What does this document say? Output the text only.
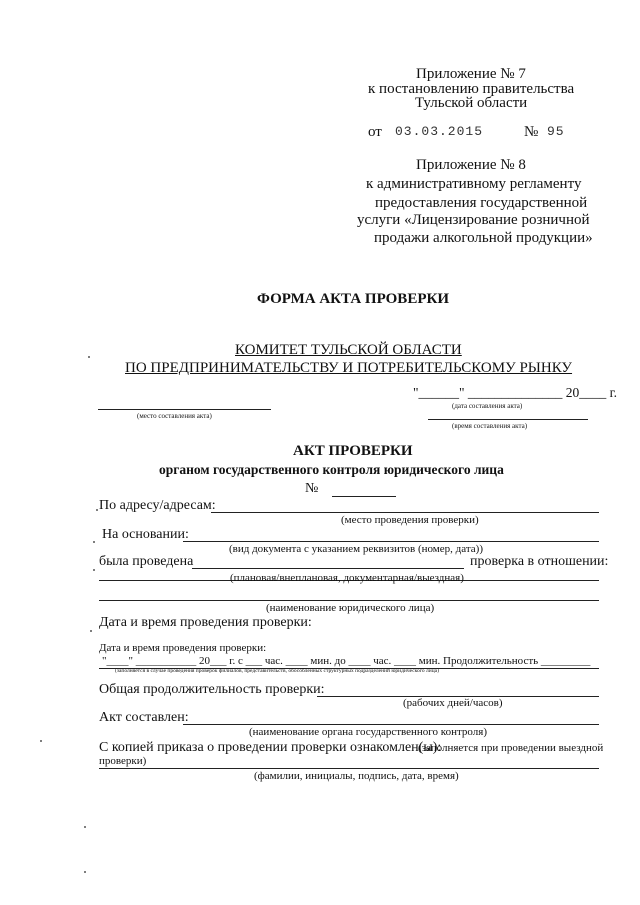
Приложение № 7
к постановлению правительства
Тульской области
от 03.03.2015	№ 95
Приложение № 8
к административному регламенту
предоставления государственной
услуги «Лицензирование розничной
продажи алкогольной продукции»
ФОРМА АКТА ПРОВЕРКИ
КОМИТЕТ ТУЛЬСКОЙ ОБЛАСТИ
ПО ПРЕДПРИНИМАТЕЛЬСТВУ И ПОТРЕБИТЕЛЬСКОМУ РЫНКУ
"______" ______________ 20____ г.
(место составления акта)
(дата составления акта)
(время составления акта)
АКТ ПРОВЕРКИ
органом государственного контроля юридического лица
№
По адресу/адресам:
(место проведения проверки)
На основании:
(вид документа с указанием реквизитов (номер, дата))
была проведена	проверка в отношении:
(плановая/внеплановая, документарная/выездная)
(наименование юридического лица)
Дата и время проведения проверки:
Дата и время проведения проверки:
"____" ___________ 20___ г. с ___ час. ____ мин. до ____ час. ____ мин. Продолжительность _________
(заполняется в случае проведения проверок филиалов, представительств, обособленных структурных подразделений юридического лица)
Общая продолжительность проверки:
(рабочих дней/часов)
Акт составлен:
(наименование органа государственного контроля)
С копией приказа о проведении проверки ознакомлен(ы):
(заполняется при проведении выездной
проверки)
(фамилии, инициалы, подпись, дата, время)
